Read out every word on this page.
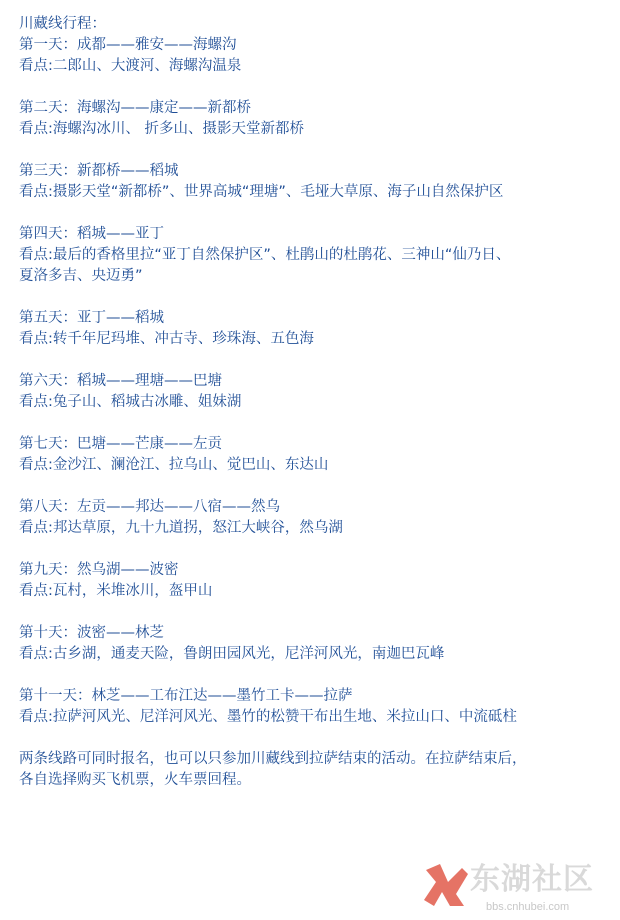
川藏线行程：
第一天：成都——雅安——海螺沟
看点:二郎山、大渡河、海螺沟温泉
第二天：海螺沟——康定——新都桥
看点:海螺沟冰川、 折多山、摄影天堂新都桥
第三天：新都桥——稻城
看点:摄影天堂“新都桥”、世界高城“理塘”、毛垭大草原、海子山自然保护区
第四天：稻城——亚丁
看点:最后的香格里拉“亚丁自然保护区”、杜鹃山的杜鹃花、三神山“仙乃日、
夏洛多吉、央迈勇”
第五天：亚丁——稻城
看点:转千年尼玛堆、冲古寺、珍珠海、五色海
第六天：稻城——理塘——巴塘
看点:兔子山、稻城古冰雕、姐妹湖
第七天：巴塘——芒康——左贡
看点:金沙江、澜沧江、拉乌山、觉巴山、东达山
第八天：左贡——邦达——八宿——然乌
看点:邦达草原，九十九道拐，怒江大峡谷，然乌湖
第九天：然乌湖——波密
看点:瓦村，米堆冰川，盔甲山
第十天：波密——林芝
看点:古乡湖，通麦天险，鲁朗田园风光，尼洋河风光，南迦巴瓦峰
第十一天：林芝——工布江达——墨竹工卡——拉萨
看点:拉萨河风光、尼洋河风光、墨竹的松赞干布出生地、米拉山口、中流砥柱
两条线路可同时报名，也可以只参加川藏线到拉萨结束的活动。在拉萨结束后，
各自选择购买飞机票，火车票回程。
东湖社区
bbs.cnhubei.com
